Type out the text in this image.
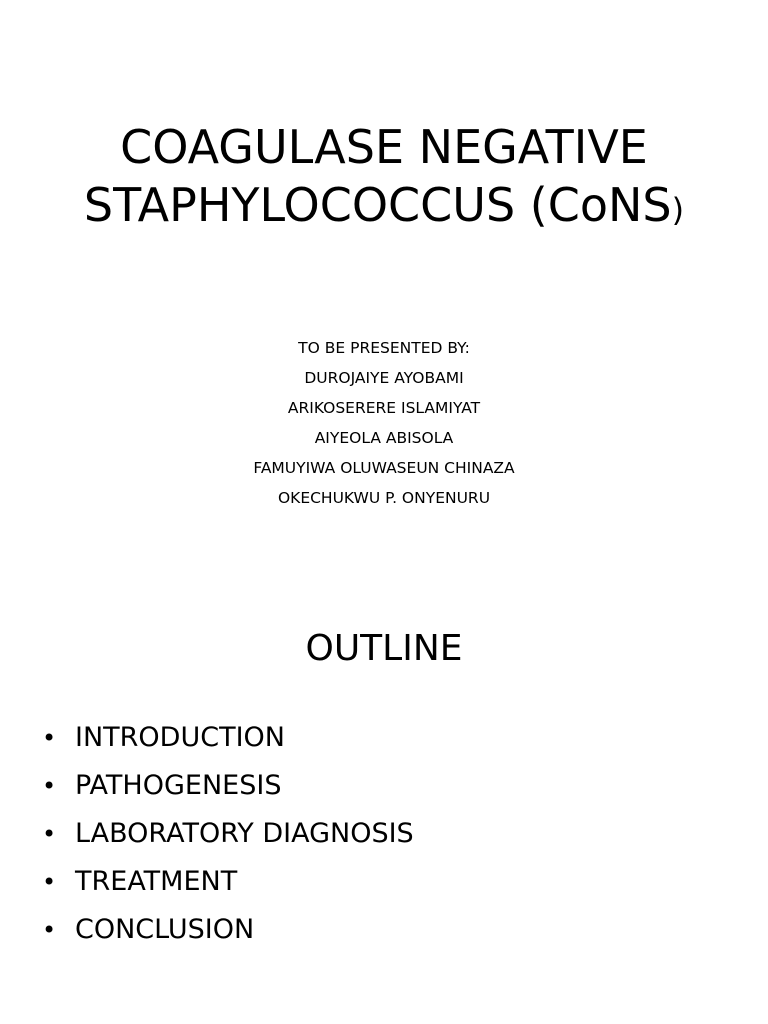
COAGULASE NEGATIVE
STAPHYLOCOCCUS (CoNS)
TO BE PRESENTED BY:
DUROJAIYE AYOBAMI
ARIKOSERERE ISLAMIYAT
AIYEOLA ABISOLA
FAMUYIWA OLUWASEUN CHINAZA
OKECHUKWU P. ONYENURU
OUTLINE
• INTRODUCTION
• PATHOGENESIS
• LABORATORY DIAGNOSIS
• TREATMENT
• CONCLUSION
